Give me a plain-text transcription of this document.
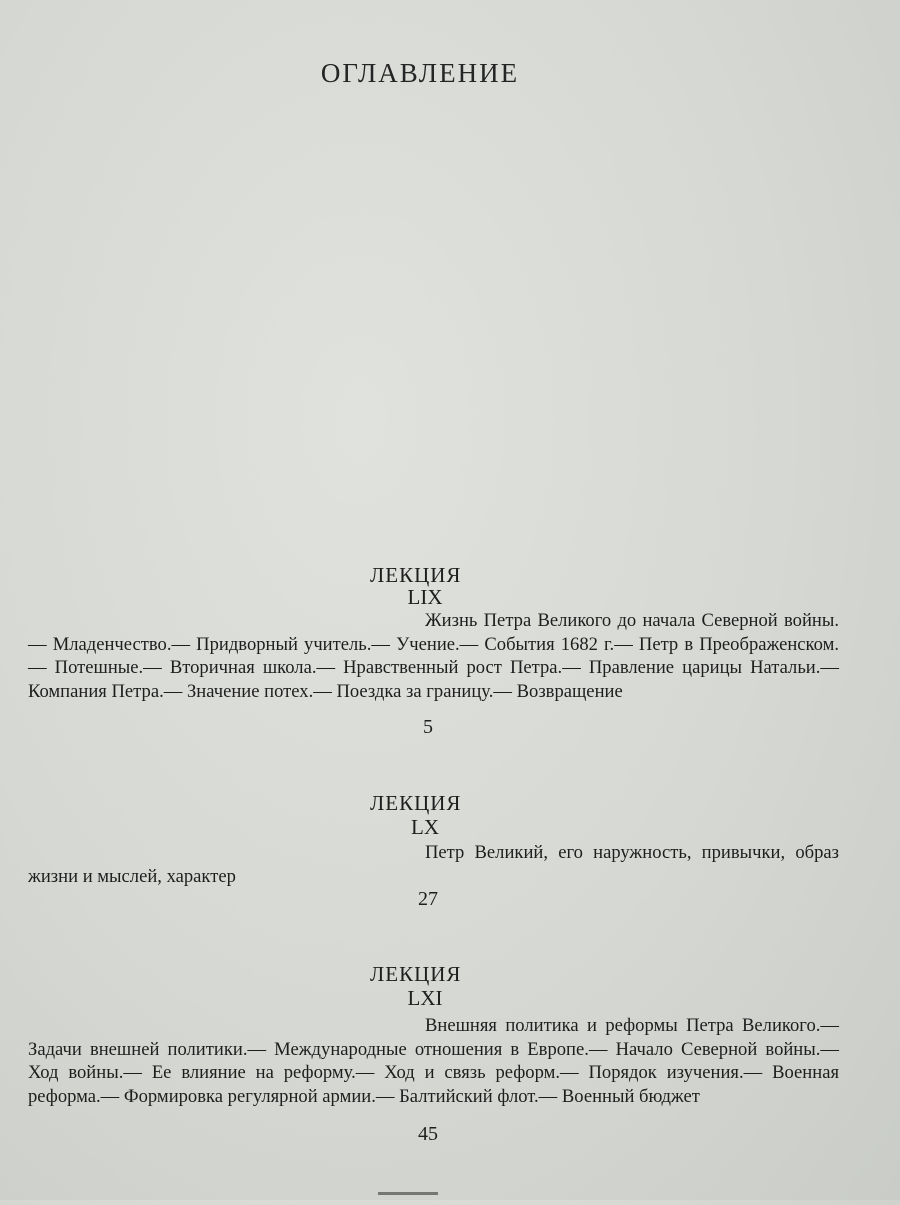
ОГЛАВЛЕНИЕ
ЛЕКЦИЯ
LIX

Жизнь Петра Великого до начала Северной войны.— Младенчество.— Придворный учитель.— Учение.— События 1682 г.— Петр в Преображенском.— Потешные.— Вторичная школа.— Нравственный рост Петра.— Правление царицы Натальи.— Компания Петра.— Значение потех.— Поездка за границу.— Возвращение

5
ЛЕКЦИЯ
LX

Петр Великий, его наружность, привычки, образ жизни и мыслей, характер

27
ЛЕКЦИЯ
LXI

Внешняя политика и реформы Петра Великого.— Задачи внешней политики.— Международные отношения в Европе.— Начало Северной войны.— Ход войны.— Ее влияние на реформу.— Ход и связь реформ.— Порядок изучения.— Военная реформа.— Формировка регулярной армии.— Балтийский флот.— Военный бюджет

45
